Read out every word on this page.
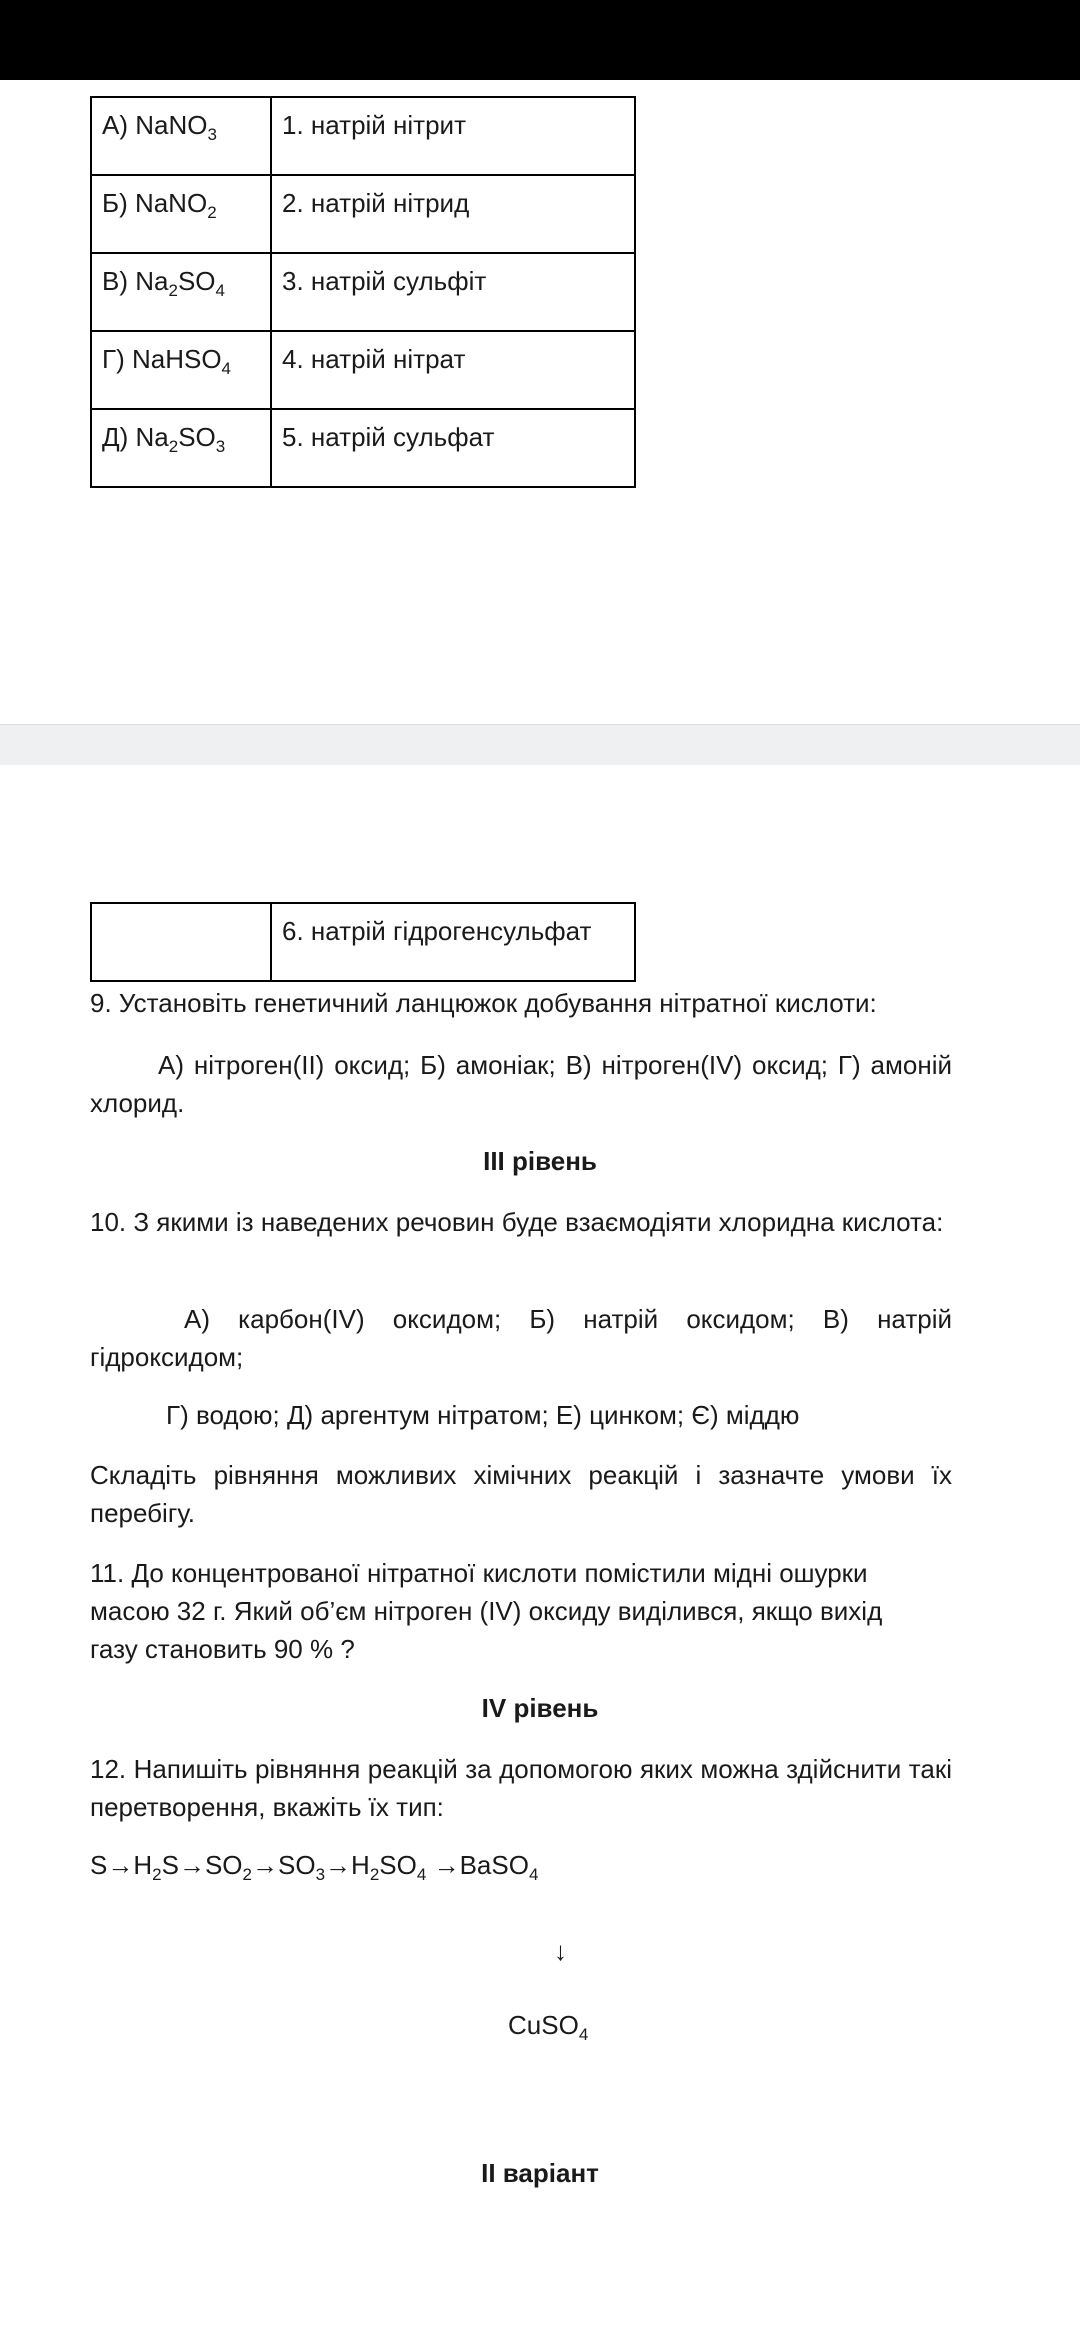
А) NaNO$_3$	1. натрій нітрит
Б) NaNO$_2$	2. натрій нітрид
В) $Na_2SO_4$	3. натрій сульфіт
Г) NaHSO$_4$	4. натрій нітрат
Д) $Na_2SO_3$	5. натрій сульфат
	6. натрій гідрогенсульфат

9. Установіть генетичний ланцюжок добування нітратної кислоти:

А) нітроген(II) оксид; Б) амоніак; В) нітроген(IV) оксид; Г) амоній

хлорид.

ІІІ рівень

10. З якими із наведених речовин буде взаємодіяти хлоридна кислота:

А) карбон(IV) оксидом; Б) натрій оксидом; В) натрій

гідроксидом;

Г) водою; Д) аргентум нітратом; Е) цинком; Є) міддю

Складіть рівняння можливих хімічних реакцій і зазначте умови їх перебігу.

11. До концентрованої нітратної кислоти помістили мідні ошурки

масою 32 г. Який об’єм нітроген (IV) оксиду виділився, якщо вихід

газу становить 90 % ?

IV рівень

12. Напишіть рівняння реакцій за допомогою яких можна здійснити такі перетворення, вкажіть їх тип:

$S\to H_2S\to SO_2\to SO_3\to H_2SO_4$ →BaSO$_4$

↓

CuSO$_4$

II варіант
